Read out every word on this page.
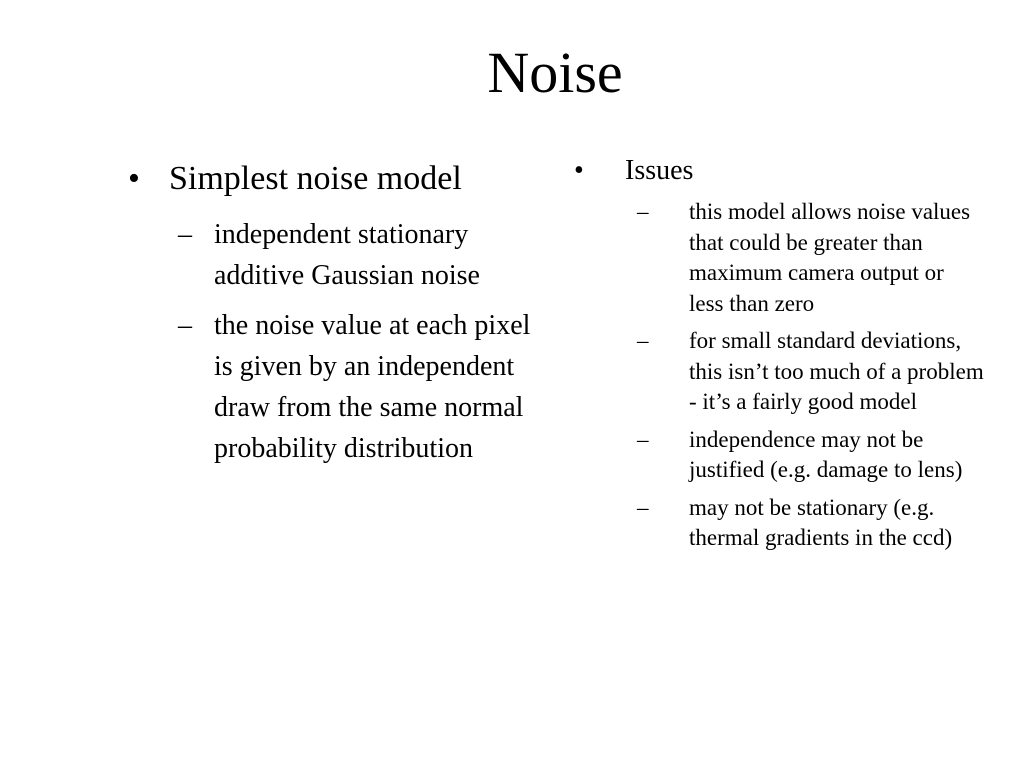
Noise
• Simplest noise model
– independent stationary additive Gaussian noise
– the noise value at each pixel is given by an independent draw from the same normal probability distribution
• Issues
– this model allows noise values that could be greater than maximum camera output or less than zero
– for small standard deviations, this isn’t too much of a problem - it’s a fairly good model
– independence may not be justified (e.g. damage to lens)
– may not be stationary (e.g. thermal gradients in the ccd)
